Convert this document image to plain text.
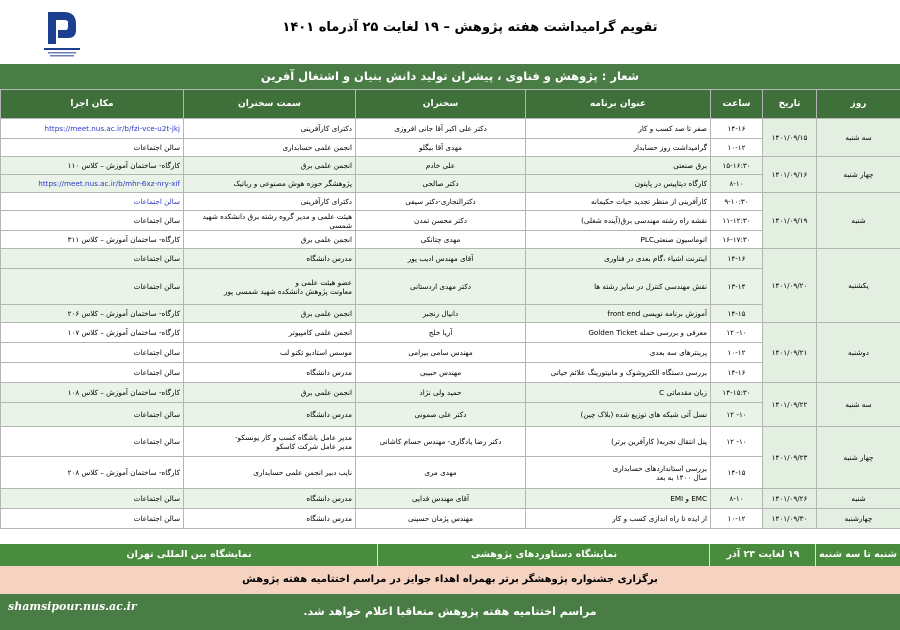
تقویم گرامیداشت هفته پژوهش – ۱۹ لغایت ۲۵ آذرماه ۱۴۰۱
شعار : پژوهش و فناوی ، پیشران تولید دانش بنیان و اشتغال آفرین
روز	تاریخ	ساعت	عنوان برنامه	سخنران	سمت سخنران	مکان اجرا
سه شنبه	۱۴۰۱/۰۹/۱۵	۱۴-۱۶	صفر تا صد کسب و کار	دکتر علی اکبر آقا جانی افروزی	دکترای کارآفرینی	https://meet.nus.ac.ir/b/fzi-vce-u2t-jkj
		۱۰-۱۲	گرامیداشت روز حسابدار	مهدی آقا بیگلو	انجمن علمی حسابداری	سالن اجتماعات
چهار شنبه	۱۴۰۱/۰۹/۱۶	۱۵-۱۶:۳۰	برق صنعتی	علی خادم	انجمن علمی برق	کارگاه- ساختمان آموزش – کلاس ۱۱۰
		۸-۱۰	کارگاه دیتاپیس در پایتون	دکتر صالحی	پژوهشگر حوزه هوش مصنوعی و رباتیک	https://meet.nus.ac.ir/b/mhr-6xz-nry-xif
شنبه	۱۴۰۱/۰۹/۱۹	۹-۱۰:۳۰	کارآفرینی از منظر تجدید حیات حکیمانه	دکترالنجاری-دکتر سیفی	دکترای کارآفرینی	سالن اجتماعات
		۱۱-۱۲:۳۰	نقشه راه رشته مهندسی برق(آینده شغلی)	دکتر محسن تمدن	هیئت علمی و مدیر گروه رشته برق دانشکده شهید شمسی	سالن اجتماعات
		۱۶-۱۷:۳۰	اتوماسیون صنعتیPLC	مهدی چتانکی	انجمن علمی برق	کارگاه- ساختمان آموزش – کلاس ۳۱۱
یکشنبه	۱۴۰۱/۰۹/۲۰	۱۴-۱۶	اینترنت اشیاء ،گام بعدی در فناوری	آقای مهندس ادیب پور	مدرس دانشگاه	سالن اجتماعات
		۱۳-۱۴	نقش مهندسی کنترل در سایر رشته ها	دکتر مهدی اردستانی	عضو هیئت علمی و
معاونت پژوهش دانشکده شهید شمسی پور	سالن اجتماعات
		۱۴-۱۵	آموزش برنامه نویسی front end	دانیال رنجبر	انجمن علمی برق	کارگاه- ساختمان آموزش – کلاس ۲۰۶
دوشنبه	۱۴۰۱/۰۹/۲۱	۱۰- ۱۲	معرفی و بررسی حمله Golden Ticket	آریا خلج	انجمن علمی کامپیوتر	کارگاه- ساختمان آموزش – کلاس ۱۰۷
		۱۰-۱۲	پرینترهای سه بعدی	مهندس سامی بیرامی	موسس استادیو تکنو لب	سالن اجتماعات
		۱۴-۱۶	بررسی دستگاه الکتروشوک و مانیتورینگ علائم حیاتی	مهندس حبیبی	مدرس دانشگاه	سالن اجتماعات
سه شنبه	۱۴۰۱/۰۹/۲۲	۱۴-۱۵:۳۰	زبان مقدماتی C	حمید ولی نژاد	انجمن علمی برق	کارگاه- ساختمان آموزش – کلاس ۱۰۸
		۱۰- ۱۲	نسل آتی شبکه های توزیع شده (بلاک چین)	دکتر علی صمونی	مدرس دانشگاه	سالن اجتماعات
چهار شنبه	۱۴۰۱/۰۹/۲۳	۱۰- ۱۲	پنل انتقال تجربه( کارآفرین برتر)	دکتر رضا یادگاری- مهندس حسام کاشانی	مدیر عامل باشگاه کسب و کار یونسکو-
مدیر عامل شرکت کاسکو	سالن اجتماعات
		۱۴-۱۵	بررسی استانداردهای حسابداری
سال ۱۴۰۰ به بعد	مهدی مری	نایب دبیر انجمن علمی حسابداری	کارگاه- ساختمان آموزش – کلاس ۲۰۸
شنبه	۱۴۰۱/۰۹/۲۶	۸-۱۰	EMC و EMI	آقای مهندس فدایی	مدرس دانشگاه	سالن اجتماعات
چهارشنبه	۱۴۰۱/۰۹/۳۰	۱۰-۱۲	از ایده تا راه اندازی کسب و کار	مهندس پژمان حسینی	مدرس دانشگاه	سالن اجتماعات
شنبه تا سه شنبه
۱۹ لغایت ۲۳ آذر
نمایشگاه دستاوردهای پژوهشی
نمایشگاه بین المللی تهران
برگزاری جشنواره پژوهشگر برتر بهمراه اهداء جوایز در مراسم اختتامیه هفته پژوهش
مراسم اختتامیه هفته پژوهش متعاقبا اعلام خواهد شد.
shamsipour.nus.ac.ir
